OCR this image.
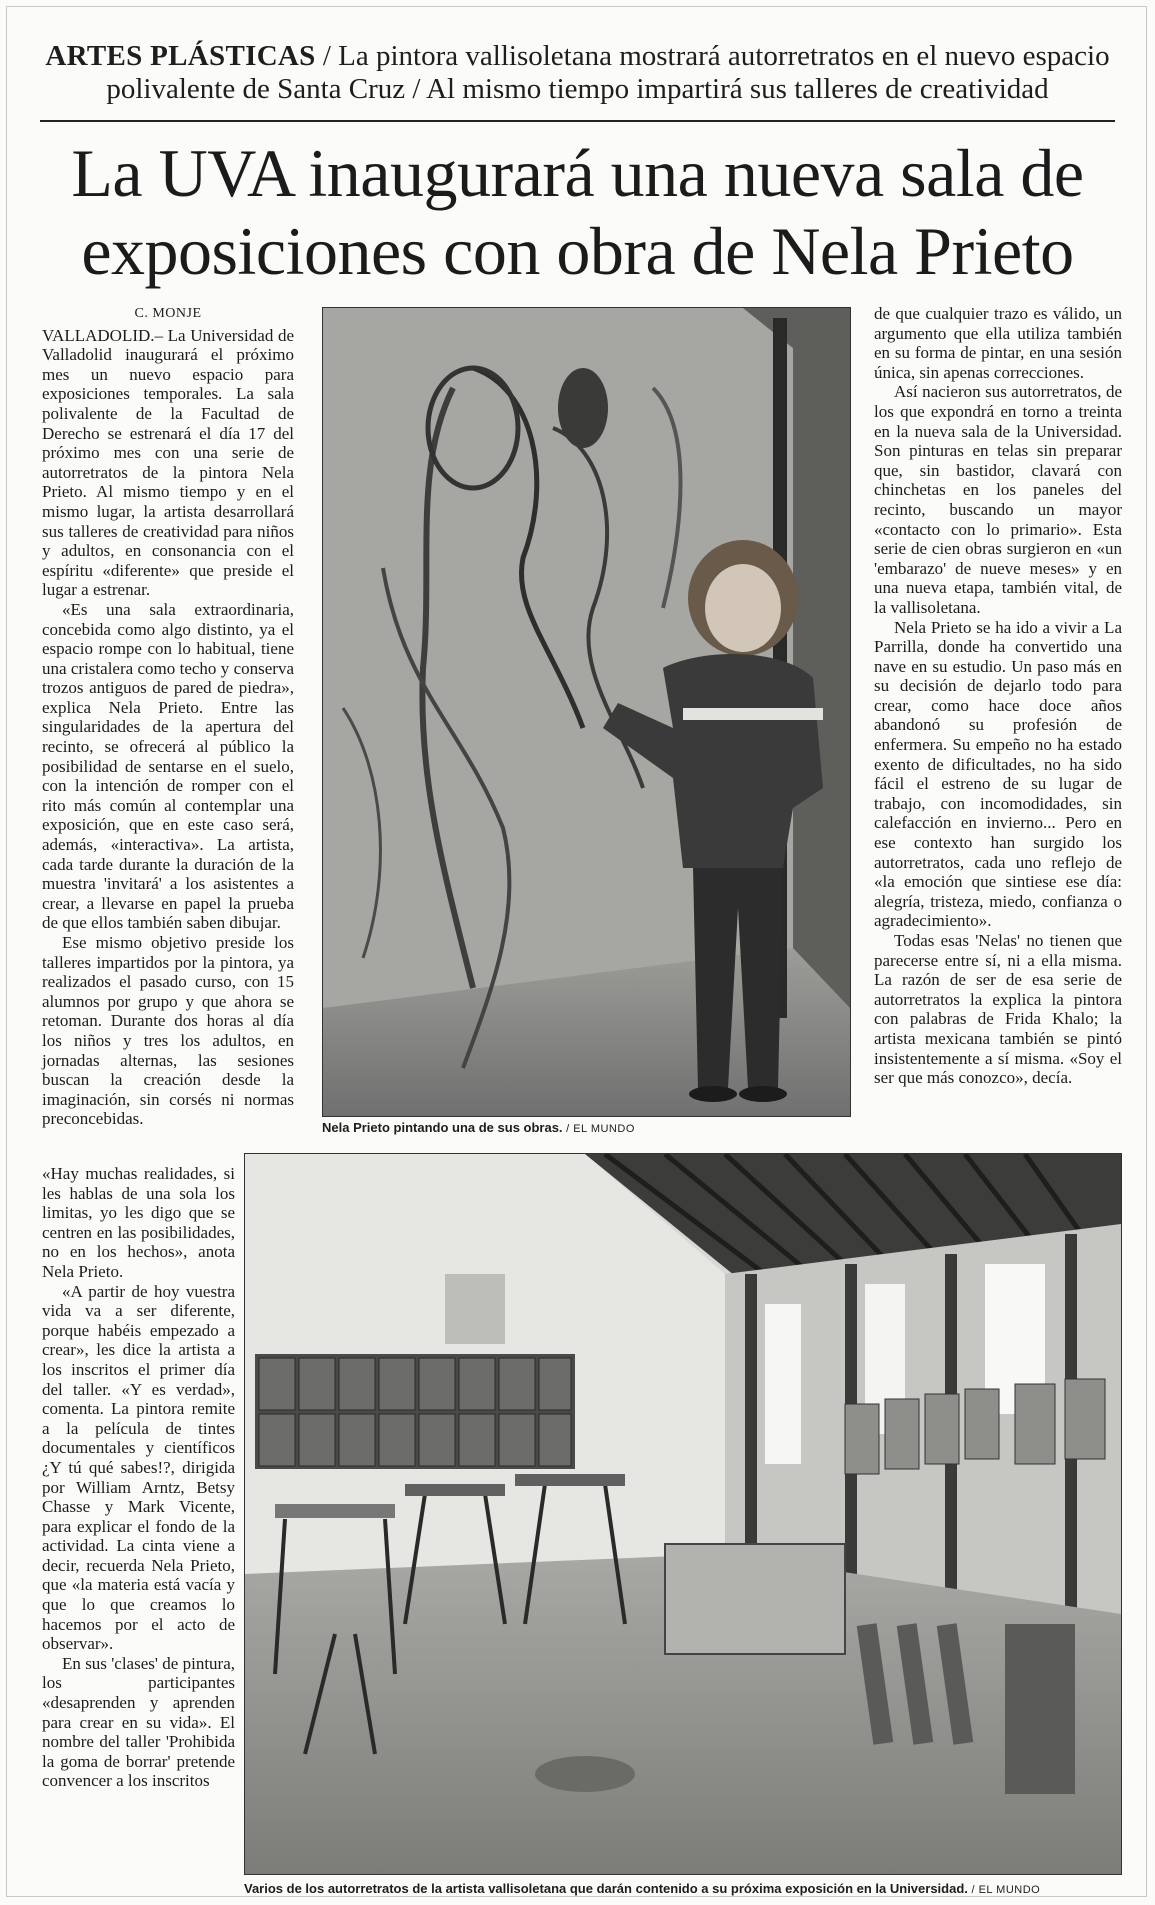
ARTES PLÁSTICAS / La pintora vallisoletana mostrará autorretratos en el nuevo espacio
polivalente de Santa Cruz / Al mismo tiempo impartirá sus talleres de creatividad
La UVA inaugurará una nueva sala de
exposiciones con obra de Nela Prieto
C. MONJE

VALLADOLID.– La Universidad de Valladolid inaugurará el próximo mes un nuevo espacio para exposiciones temporales. La sala polivalente de la Facultad de Derecho se estrenará el día 17 del próximo mes con una serie de autorretratos de la pintora Nela Prieto. Al mismo tiempo y en el mismo lugar, la artista desarrollará sus talleres de creatividad para niños y adultos, en consonancia con el espíritu «diferente» que preside el lugar a estrenar.

«Es una sala extraordinaria, concebida como algo distinto, ya el espacio rompe con lo habitual, tiene una cristalera como techo y conserva trozos antiguos de pared de piedra», explica Nela Prieto. Entre las singularidades de la apertura del recinto, se ofrecerá al público la posibilidad de sentarse en el suelo, con la intención de romper con el rito más común al contemplar una exposición, que en este caso será, además, «interactiva». La artista, cada tarde durante la duración de la muestra 'invitará' a los asistentes a crear, a llevarse en papel la prueba de que ellos también saben dibujar.

Ese mismo objetivo preside los talleres impartidos por la pintora, ya realizados el pasado curso, con 15 alumnos por grupo y que ahora se retoman. Durante dos horas al día los niños y tres los adultos, en jornadas alternas, las sesiones buscan la creación desde la imaginación, sin corsés ni normas preconcebidas.

«Hay muchas realidades, si les hablas de una sola los limitas, yo les digo que se centren en las posibilidades, no en los hechos», anota Nela Prieto.

«A partir de hoy vuestra vida va a ser diferente, porque habéis empezado a crear», les dice la artista a los inscritos el primer día del taller. «Y es verdad», comenta. La pintora remite a la película de tintes documentales y científicos ¿Y tú qué sabes!?, dirigida por William Arntz, Betsy Chasse y Mark Vicente, para explicar el fondo de la actividad. La cinta viene a decir, recuerda Nela Prieto, que «la materia está vacía y que lo que creamos lo hacemos por el acto de observar».

En sus 'clases' de pintura, los participantes «desaprenden y aprenden para crear en su vida». El nombre del taller 'Prohibida la goma de borrar' pretende convencer a los inscritos

de que cualquier trazo es válido, un argumento que ella utiliza también en su forma de pintar, en una sesión única, sin apenas correcciones.

Así nacieron sus autorretratos, de los que expondrá en torno a treinta en la nueva sala de la Universidad. Son pinturas en telas sin preparar que, sin bastidor, clavará con chinchetas en los paneles del recinto, buscando un mayor «contacto con lo primario». Esta serie de cien obras surgieron en «un 'embarazo' de nueve meses» y en una nueva etapa, también vital, de la vallisoletana.

Nela Prieto se ha ido a vivir a La Parrilla, donde ha convertido una nave en su estudio. Un paso más en su decisión de dejarlo todo para crear, como hace doce años abandonó su profesión de enfermera. Su empeño no ha estado exento de dificultades, no ha sido fácil el estreno de su lugar de trabajo, con incomodidades, sin calefacción en invierno... Pero en ese contexto han surgido los autorretratos, cada uno reflejo de «la emoción que sintiese ese día: alegría, tristeza, miedo, confianza o agradecimiento».

Todas esas 'Nelas' no tienen que parecerse entre sí, ni a ella misma. La razón de ser de esa serie de autorretratos la explica la pintora con palabras de Frida Khalo; la artista mexicana también se pintó insistentemente a sí misma. «Soy el ser que más conozco», decía.

Nela Prieto pintando una de sus obras. / EL MUNDO
Varios de los autorretratos de la artista vallisoletana que darán contenido a su próxima exposición en la Universidad. / EL MUNDO
